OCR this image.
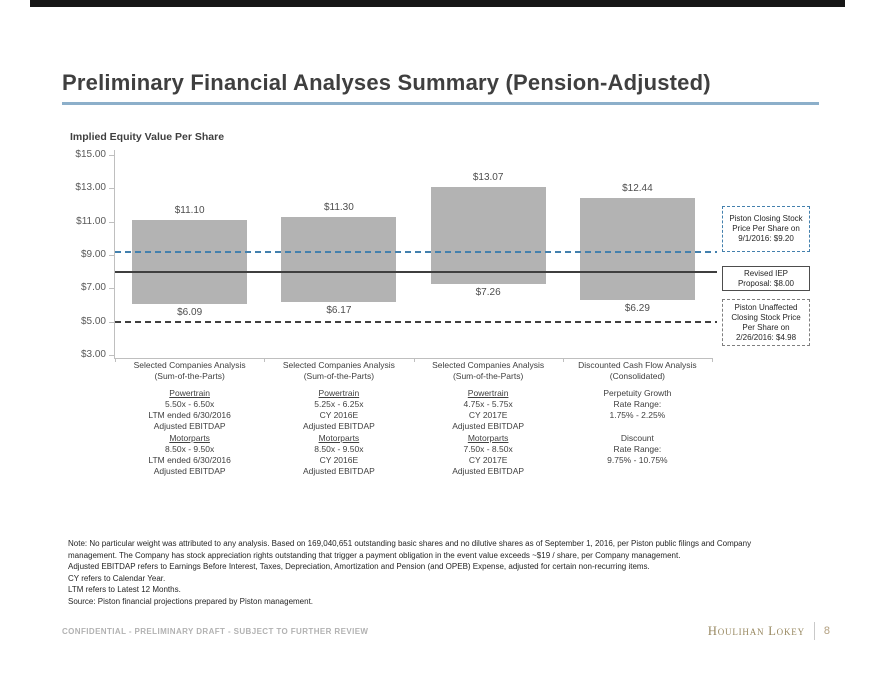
Preliminary Financial Analyses Summary (Pension-Adjusted)
Implied Equity Value Per Share
$15.00
$13.00
$11.00
$9.00
$7.00
$5.00
$3.00
$11.10
$6.09
$11.30
$6.17
$13.07
$7.26
$12.44
$6.29
Piston Closing Stock
Price Per Share on
9/1/2016: $9.20
Revised IEP
Proposal: $8.00
Piston Unaffected
Closing Stock Price
Per Share on
2/26/2016: $4.98
Selected Companies Analysis
(Sum-of-the-Parts)
Powertrain
5.50x - 6.50x
LTM ended 6/30/2016
Adjusted EBITDAP
Motorparts
8.50x - 9.50x
LTM ended 6/30/2016
Adjusted EBITDAP
Selected Companies Analysis
(Sum-of-the-Parts)
Powertrain
5.25x - 6.25x
CY 2016E
Adjusted EBITDAP
Motorparts
8.50x - 9.50x
CY 2016E
Adjusted EBITDAP
Selected Companies Analysis
(Sum-of-the-Parts)
Powertrain
4.75x - 5.75x
CY 2017E
Adjusted EBITDAP
Motorparts
7.50x - 8.50x
CY 2017E
Adjusted EBITDAP
Discounted Cash Flow Analysis
(Consolidated)
Perpetuity Growth
Rate Range:
1.75% - 2.25%
Discount
Rate Range:
9.75% - 10.75%
Note: No particular weight was attributed to any analysis. Based on 169,040,651 outstanding basic shares and no dilutive shares as of September 1, 2016, per Piston public filings and Company
management. The Company has stock appreciation rights outstanding that trigger a payment obligation in the event value exceeds ~$19 / share, per Company management.
Adjusted EBITDAP refers to Earnings Before Interest, Taxes, Depreciation, Amortization and Pension (and OPEB) Expense, adjusted for certain non-recurring items.
CY refers to Calendar Year.
LTM refers to Latest 12 Months.
Source: Piston financial projections prepared by Piston management.
CONFIDENTIAL - PRELIMINARY DRAFT - SUBJECT TO FURTHER REVIEW	Houlihan Lokey 8
